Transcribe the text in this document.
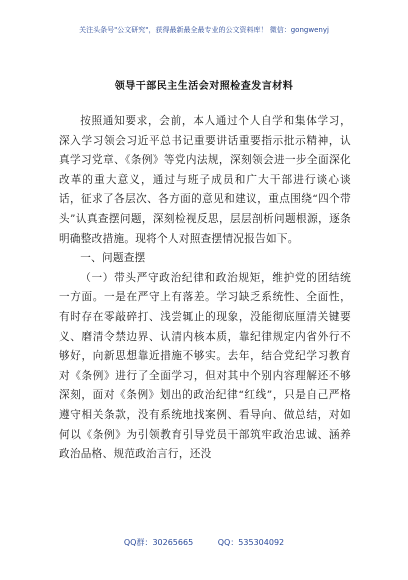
关注头条号"公文研究"，获得最新最全最专业的公文资料库！ 微信：gongwenyj
领导干部民主生活会对照检查发言材料

按照通知要求，会前，本人通过个人自学和集体学习，深入学习领会习近平总书记重要讲话重要指示批示精神，认真学习党章、《条例》等党内法规，深刻领会进一步全面深化改革的重大意义，通过与班子成员和广大干部进行谈心谈话，征求了各层次、各方面的意见和建议，重点围绕“四个带头”认真查摆问题，深刻检视反思，层层剖析问题根源，逐条明确整改措施。现将个人对照查摆情况报告如下。

一、问题查摆

（一）带头严守政治纪律和政治规矩，维护党的团结统一方面。一是在严守上有落差。学习缺乏系统性、全面性，有时存在零敲碎打、浅尝辄止的现象，没能彻底厘清关键要义、磨清令禁边界、认清内核本质，靠纪律规定内省外行不够好，向新思想靠近措施不够实。去年，结合党纪学习教育对《条例》进行了全面学习，但对其中个别内容理解还不够深刻，面对《条例》划出的政治纪律“红线”，只是自己严格遵守相关条款，没有系统地找案例、看导向、做总结，对如何以《条例》为引领教育引导党员干部筑牢政治忠诚、涵养政治品格、规范政治言行，还没

QQ群：30265665	QQ：535304092
